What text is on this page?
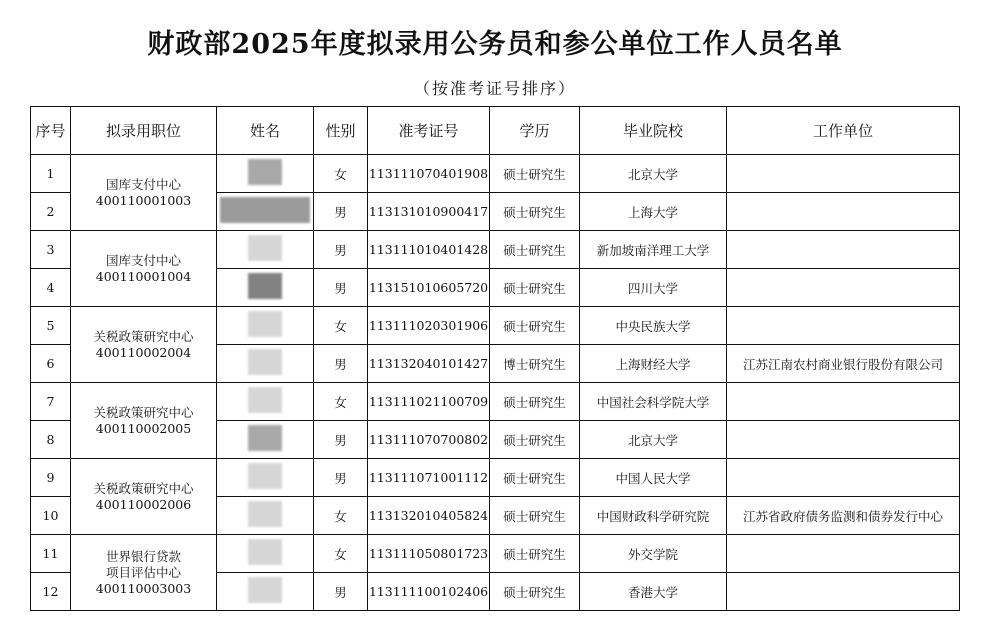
财政部2025年度拟录用公务员和参公单位工作人员名单
（按准考证号排序）
序号	拟录用职位	姓名	性别	准考证号	学历	毕业院校	工作单位
1	国库支付中心
400110001003		女	113111070401908	硕士研究生	北京大学	
2			男	113131010900417	硕士研究生	上海大学	
3	国库支付中心
400110001004		男	113111010401428	硕士研究生	新加坡南洋理工大学	
4			男	113151010605720	硕士研究生	四川大学	
5	关税政策研究中心
400110002004		女	113111020301906	硕士研究生	中央民族大学	
6			男	113132040101427	博士研究生	上海财经大学	江苏江南农村商业银行股份有限公司
7	关税政策研究中心
400110002005		女	113111021100709	硕士研究生	中国社会科学院大学	
8			男	113111070700802	硕士研究生	北京大学	
9	关税政策研究中心
400110002006		男	113111071001112	硕士研究生	中国人民大学	
10			女	113132010405824	硕士研究生	中国财政科学研究院	江苏省政府债务监测和债券发行中心
11	世界银行贷款
项目评估中心
400110003003		女	113111050801723	硕士研究生	外交学院	
12			男	113111100102406	硕士研究生	香港大学	
